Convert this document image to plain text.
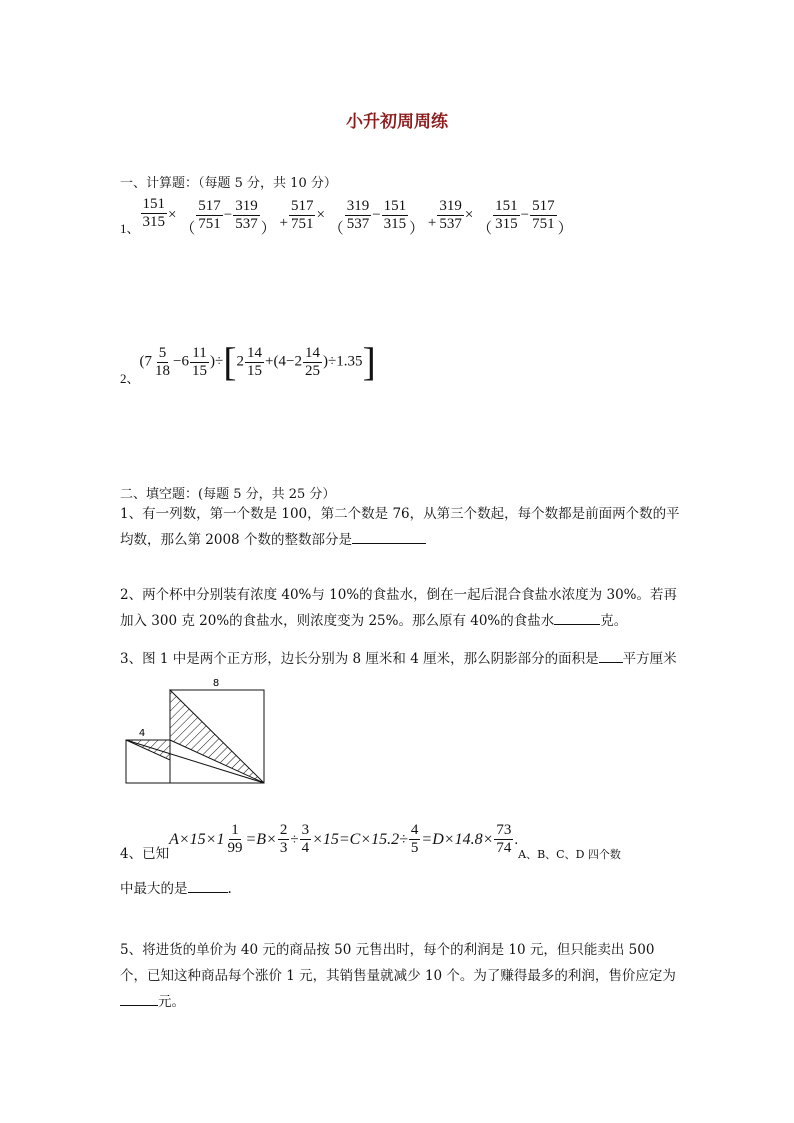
小升初周周练
一、计算题：（每题 5 分，共 10 分）
1、 $\frac{151}{315}$ × （ $\frac{517}{751} - \frac{319}{537}$ ） + $\frac{517}{751}$ × （ $\frac{319}{537} - \frac{151}{315}$ ） + $\frac{319}{537}$ × （ $\frac{151}{315} - \frac{517}{751}$ ）
2、$(7 \frac{5}{18} -6 \frac{11}{15} )\div[2 \frac{14}{15} +(4-2 \frac{14}{25} )\div 1.35]$
二、填空题：(每题 5 分，共 25 分）
1、有一列数，第一个数是 100，第二个数是 76，从第三个数起，每个数都是前面两个数的平均数，那么第 2008 个数的整数部分是
2、两个杯中分别装有浓度 40%与 10%的食盐水，倒在一起后混合食盐水浓度为 30%。若再加入 300 克 20%的食盐水，则浓度变为 25%。那么原有 40%的食盐水	克。
3、图 1 中是两个正方形，边长分别为 8 厘米和 4 厘米，那么阴影部分的面积是 平方厘米
8
4
$_{4、已知}A\times 15\times 1 \frac{1}{99} =B\times \frac{2}{3} \div \frac{3}{4} \times 15=C\times 15.2\div \frac{4}{5} =D\times 14.8\times \frac{73}{74} ._{A、B、C、D 四个数}$
中最大的是	.
5、将进货的单价为 40 元的商品按 50 元售出时，每个的利润是 10 元，但只能卖出 500 个，已知这种商品每个涨价 1 元，其销售量就减少 10 个。为了赚得最多的利润，售价应定为
元。
